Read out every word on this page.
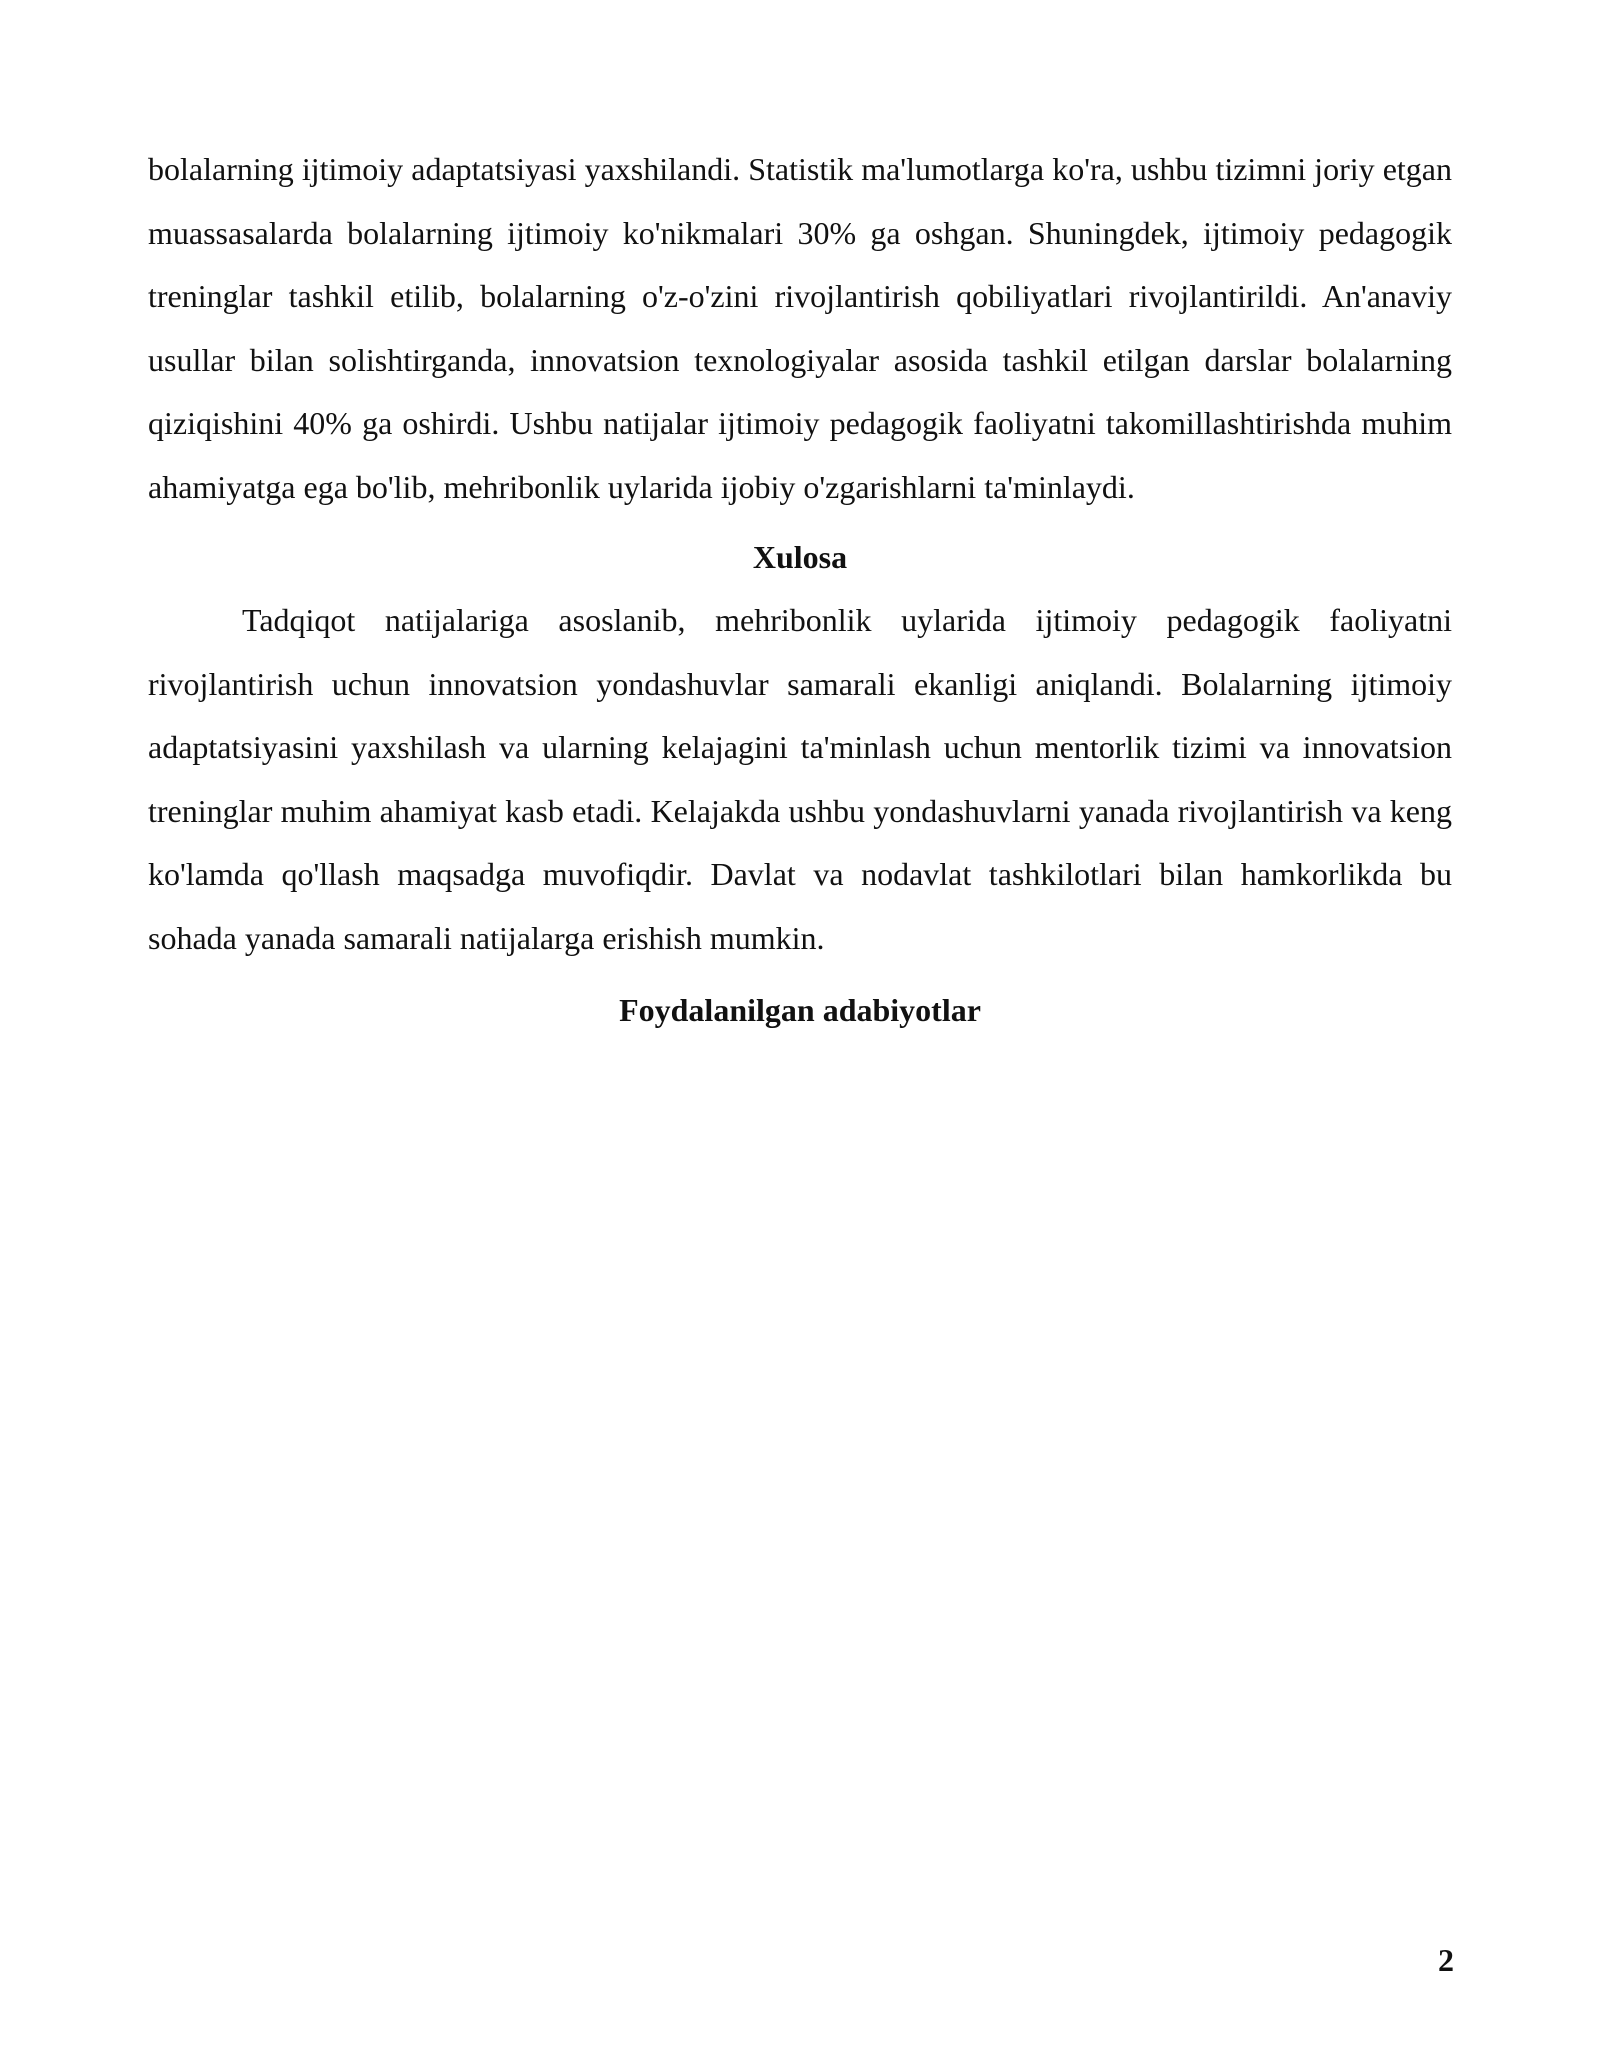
bolalarning ijtimoiy adaptatsiyasi yaxshilandi. Statistik ma'lumotlarga ko'ra, ushbu tizimni joriy etgan muassasalarda bolalarning ijtimoiy ko'nikmalari 30% ga oshgan. Shuningdek, ijtimoiy pedagogik treninglar tashkil etilib, bolalarning o'z-o'zini rivojlantirish qobiliyatlari rivojlantirildi. An'anaviy usullar bilan solishtirganda, innovatsion texnologiyalar asosida tashkil etilgan darslar bolalarning qiziqishini 40% ga oshirdi. Ushbu natijalar ijtimoiy pedagogik faoliyatni takomillashtirishda muhim ahamiyatga ega bo'lib, mehribonlik uylarida ijobiy o'zgarishlarni ta'minlaydi.

Xulosa

Tadqiqot natijalariga asoslanib, mehribonlik uylarida ijtimoiy pedagogik faoliyatni rivojlantirish uchun innovatsion yondashuvlar samarali ekanligi aniqlandi. Bolalarning ijtimoiy adaptatsiyasini yaxshilash va ularning kelajagini ta'minlash uchun mentorlik tizimi va innovatsion treninglar muhim ahamiyat kasb etadi. Kelajakda ushbu yondashuvlarni yanada rivojlantirish va keng ko'lamda qo'llash maqsadga muvofiqdir. Davlat va nodavlat tashkilotlari bilan hamkorlikda bu sohada yanada samarali natijalarga erishish mumkin.

Foydalanilgan adabiyotlar
2
